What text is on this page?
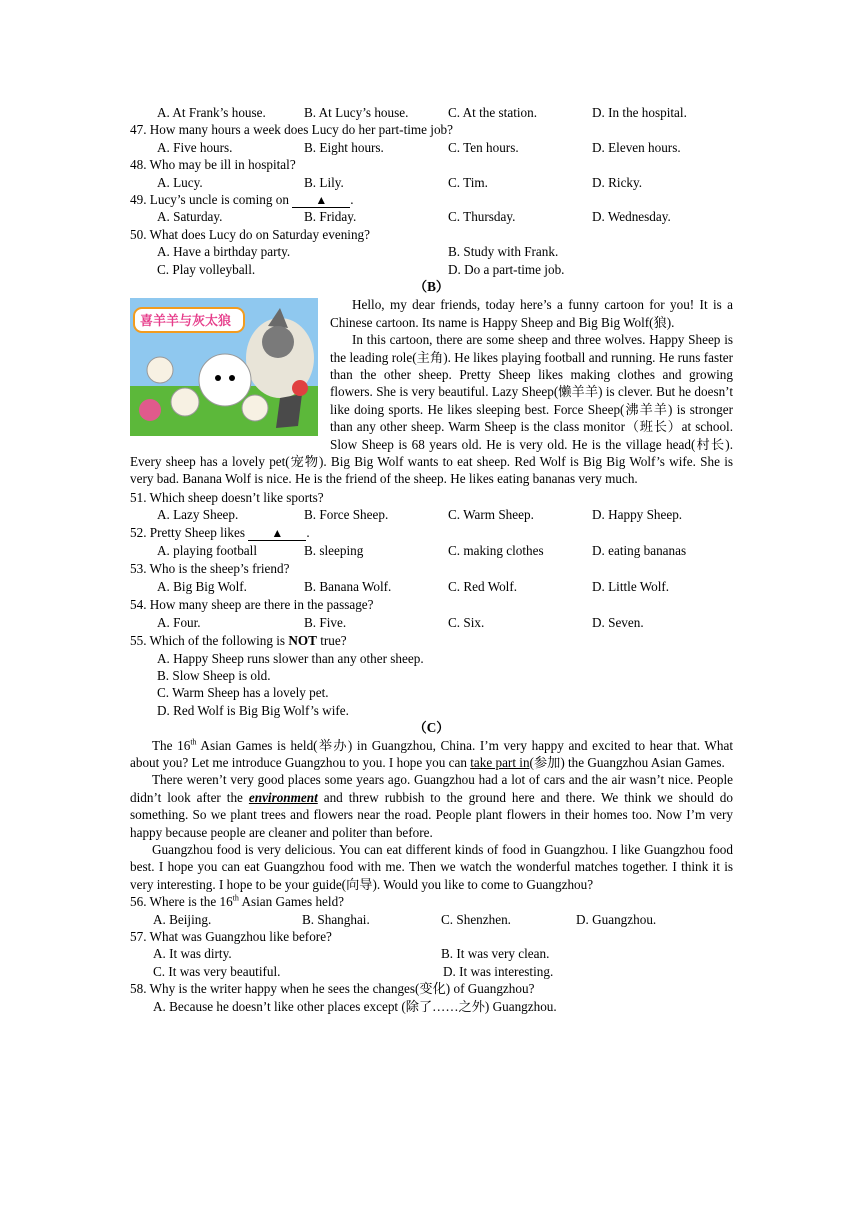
A. At Frank’s house.	B. At Lucy’s house.	C. At the station.	D. In the hospital.
47. How many hours a week does Lucy do her part-time job?
A. Five hours.	B. Eight hours.	C. Ten hours.	D. Eleven hours.
48. Who may be ill in hospital?
A. Lucy.	B. Lily.	C. Tim.	D. Ricky.
49. Lucy’s uncle is coming on ▲ .
A. Saturday.	B. Friday.	C. Thursday.	D. Wednesday.
50. What does Lucy do on Saturday evening?
A. Have a birthday party.	B. Study with Frank.
C. Play volleyball.	D. Do a part-time job.
（B）
喜羊羊与灰太狼

Hello, my dear friends, today here’s a funny cartoon for you! It is a Chinese cartoon. Its name is Happy Sheep and Big Big Wolf(狼).

In this cartoon, there are some sheep and three wolves. Happy Sheep is the leading role(主角). He likes playing football and running. He runs faster than the other sheep. Pretty Sheep likes making clothes and growing flowers. She is very beautiful. Lazy Sheep(懒羊羊) is clever. But he doesn’t like doing sports. He likes sleeping best. Force Sheep(沸羊羊) is stronger than any other sheep. Warm Sheep is the class monitor（班长）at school. Slow Sheep is 68 years old. He is very old. He is the village head(村长). Every sheep has a lovely pet(宠物). Big Big Wolf wants to eat sheep. Red Wolf is Big Big Wolf’s wife. She is very bad. Banana Wolf is nice. He is the friend of the sheep. He likes eating bananas very much.

51. Which sheep doesn’t like sports?
A. Lazy Sheep.	B. Force Sheep.	C. Warm Sheep.	D. Happy Sheep.
52. Pretty Sheep likes ▲ .
A. playing football	B. sleeping	C. making clothes	D. eating bananas
53. Who is the sheep’s friend?
A. Big Big Wolf.	B. Banana Wolf.	C. Red Wolf.	D. Little Wolf.
54. How many sheep are there in the passage?
A. Four.	B. Five.	C. Six.	D. Seven.
55. Which of the following is NOT true?
A. Happy Sheep runs slower than any other sheep.
B. Slow Sheep is old.
C. Warm Sheep has a lovely pet.
D. Red Wolf is Big Big Wolf’s wife.
（C）

The 16th Asian Games is held(举办) in Guangzhou, China. I’m very happy and excited to hear that. What about you? Let me introduce Guangzhou to you. I hope you can take part in(参加) the Guangzhou Asian Games.

There weren’t very good places some years ago. Guangzhou had a lot of cars and the air wasn’t nice. People didn’t look after the environment and threw rubbish to the ground here and there. We think we should do something. So we plant trees and flowers near the road. People plant flowers in their homes too. Now I’m very happy because people are cleaner and politer than before.

Guangzhou food is very delicious. You can eat different kinds of food in Guangzhou. I like Guangzhou food best. I hope you can eat Guangzhou food with me. Then we watch the wonderful matches together. I think it is very interesting. I hope to be your guide(向导). Would you like to come to Guangzhou?

56. Where is the 16th Asian Games held?
A. Beijing.	B. Shanghai.	C. Shenzhen.	D. Guangzhou.
57. What was Guangzhou like before?
A. It was dirty.	B. It was very clean.
C. It was very beautiful.	D. It was interesting.
58. Why is the writer happy when he sees the changes(变化) of Guangzhou?
A. Because he doesn’t like other places except (除了……之外) Guangzhou.
